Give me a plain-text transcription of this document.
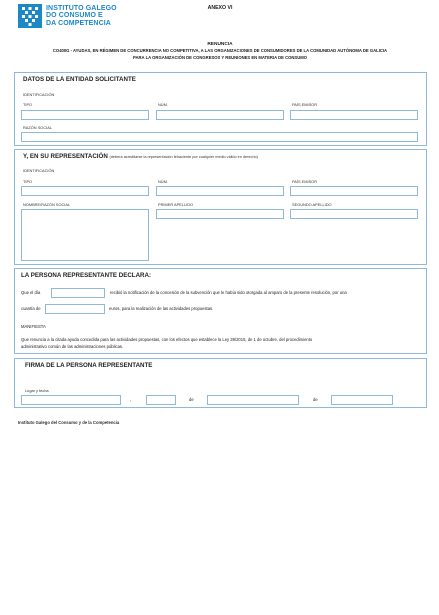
INSTITUTO GALEGO
DO CONSUMO E
DA COMPETENCIA
ANEXO VI
RENUNCIA
CO400G - AYUDAS, EN RÉGIMEN DE CONCURRENCIA NO COMPETITIVA, A LAS ORGANIZACIONES DE CONSUMIDORES DE LA COMUNIDAD AUTÓNOMA DE GALICIA
PARA LA ORGANIZACIÓN DE CONGRESOS Y REUNIONES EN MATERIA DE CONSUMO
DATOS DE LA ENTIDAD SOLICITANTE
IDENTIFICACIÓN
TIPO	NÚM.	PAÍS EMISOR
RAZÓN SOCIAL
Y, EN SU REPRESENTACIÓN (deberá acreditarse la representación fehaciente por cualquier medio válido en derecho)
IDENTIFICACIÓN
TIPO	NÚM.	PAÍS EMISOR
NOMBRE/RAZÓN SOCIAL	PRIMER APELLIDO	SEGUNDO APELLIDO
LA PERSONA REPRESENTANTE DECLARA:
Que el día	recibió la notificación de la concesión de la subvención que le había sido otorgada al amparo de la presente resolución, por una
cuantía de	euros, para la realización de las actividades propuestas.
MANIFIESTA
Que renuncia a la citada ayuda concedida para las actividades propuestas, con los efectos que establece la Ley 39/2015, de 1 de octubre, del procedimiento
administrativo común de las administraciones públicas.
FIRMA DE LA PERSONA REPRESENTANTE
Lugar y fecha
,	de	de
Instituto Galego del Consumo y de la Competencia
